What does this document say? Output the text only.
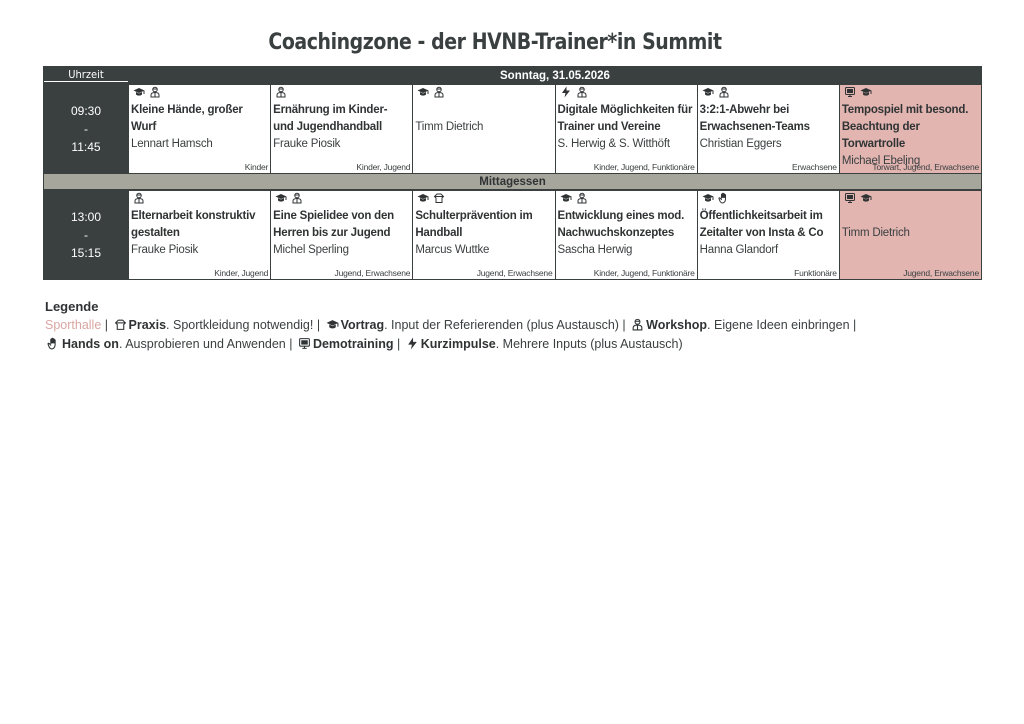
Coachingzone - der HVNB-Trainer*in Summit
Uhrzeit	Sonntag, 31.05.2026
Mittagessen
09:30
-
11:45
Kleine Hände, großer Wurf
Lennart Hamsch
Kinder
Ernährung im Kinder- und Jugendhandball
Frauke Piosik
Kinder, Jugend
Timm Dietrich
Digitale Möglichkeiten für Trainer und Vereine
S. Herwig & S. Witthöft
Kinder, Jugend, Funktionäre
3:2:1-Abwehr bei Erwachsenen-Teams
Christian Eggers
Erwachsene
Tempospiel mit besond. Beachtung der Torwartrolle
Michael Ebeling
Torwart, Jugend, Erwachsene
13:00
-
15:15
Elternarbeit konstruktiv gestalten
Frauke Piosik
Kinder, Jugend
Eine Spielidee von den Herren bis zur Jugend
Michel Sperling
Jugend, Erwachsene
Schulterprävention im Handball
Marcus Wuttke
Jugend, Erwachsene
Entwicklung eines mod. Nachwuchskonzeptes
Sascha Herwig
Kinder, Jugend, Funktionäre
Öffentlichkeitsarbeit im Zeitalter von Insta & Co
Hanna Glandorf
Funktionäre
Timm Dietrich
Jugend, Erwachsene
Legende
Sporthalle | Praxis. Sportkleidung notwendig! | Vortrag. Input der Referierenden (plus Austausch) | Workshop. Eigene Ideen einbringen |
Hands on. Ausprobieren und Anwenden | Demotraining | Kurzimpulse. Mehrere Inputs (plus Austausch)
